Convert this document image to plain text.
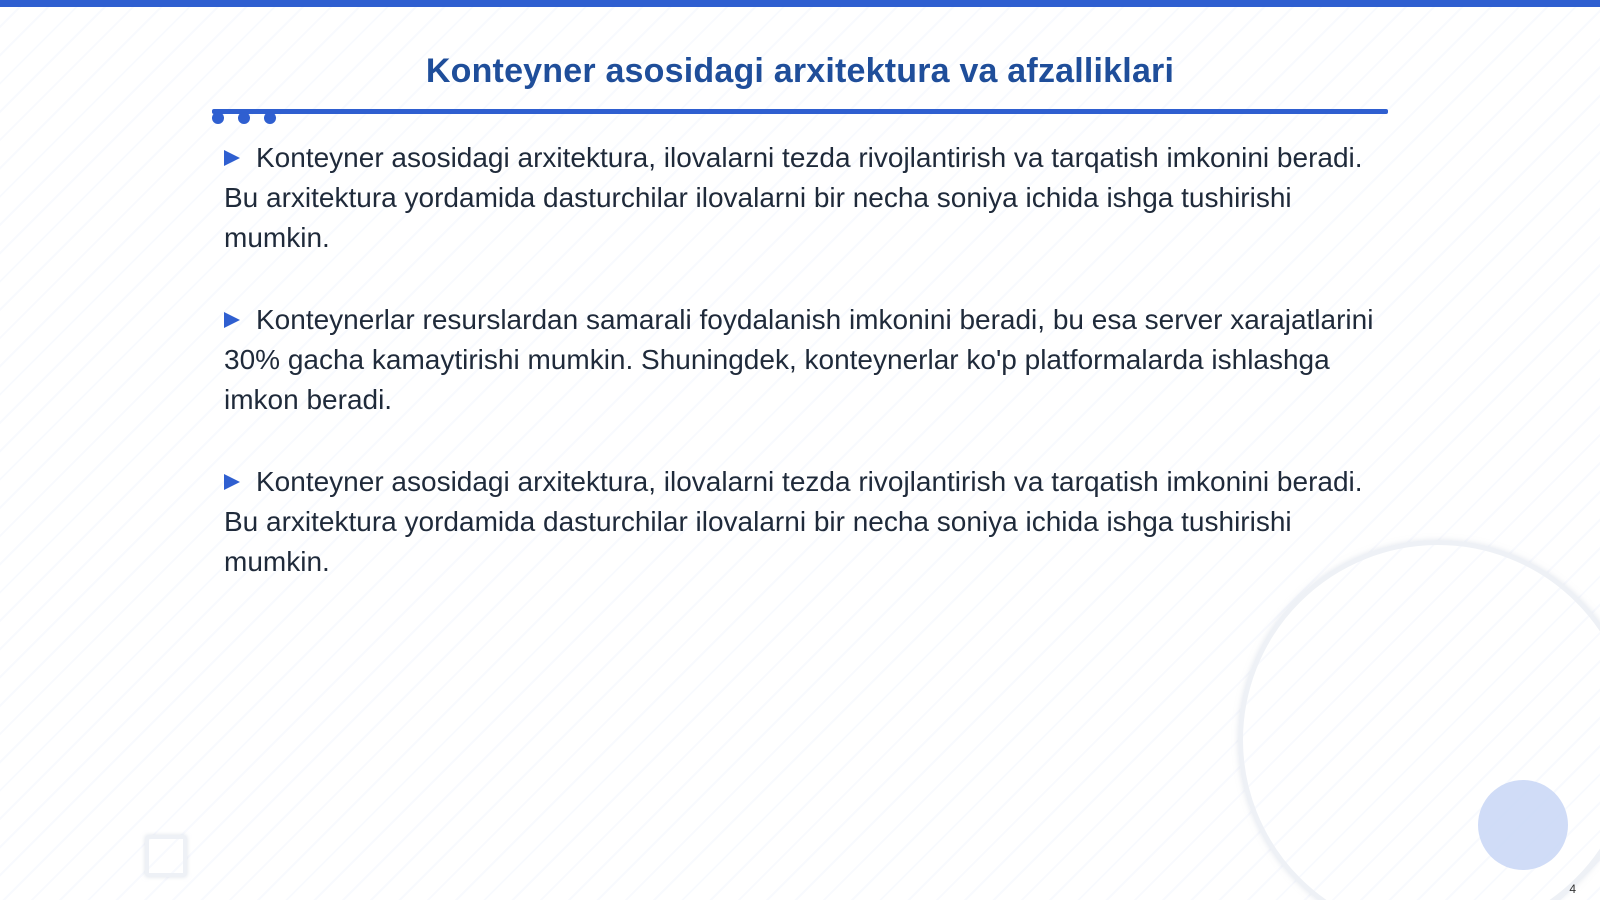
Konteyner asosidagi arxitektura va afzalliklari

Konteyner asosidagi arxitektura, ilovalarni tezda rivojlantirish va tarqatish imkonini beradi. Bu arxitektura yordamida dasturchilar ilovalarni bir necha soniya ichida ishga tushirishi mumkin.

Konteynerlar resurslardan samarali foydalanish imkonini beradi, bu esa server xarajatlarini 30% gacha kamaytirishi mumkin. Shuningdek, konteynerlar ko'p platformalarda ishlashga imkon beradi.

Konteyner asosidagi arxitektura, ilovalarni tezda rivojlantirish va tarqatish imkonini beradi. Bu arxitektura yordamida dasturchilar ilovalarni bir necha soniya ichida ishga tushirishi mumkin.

4
